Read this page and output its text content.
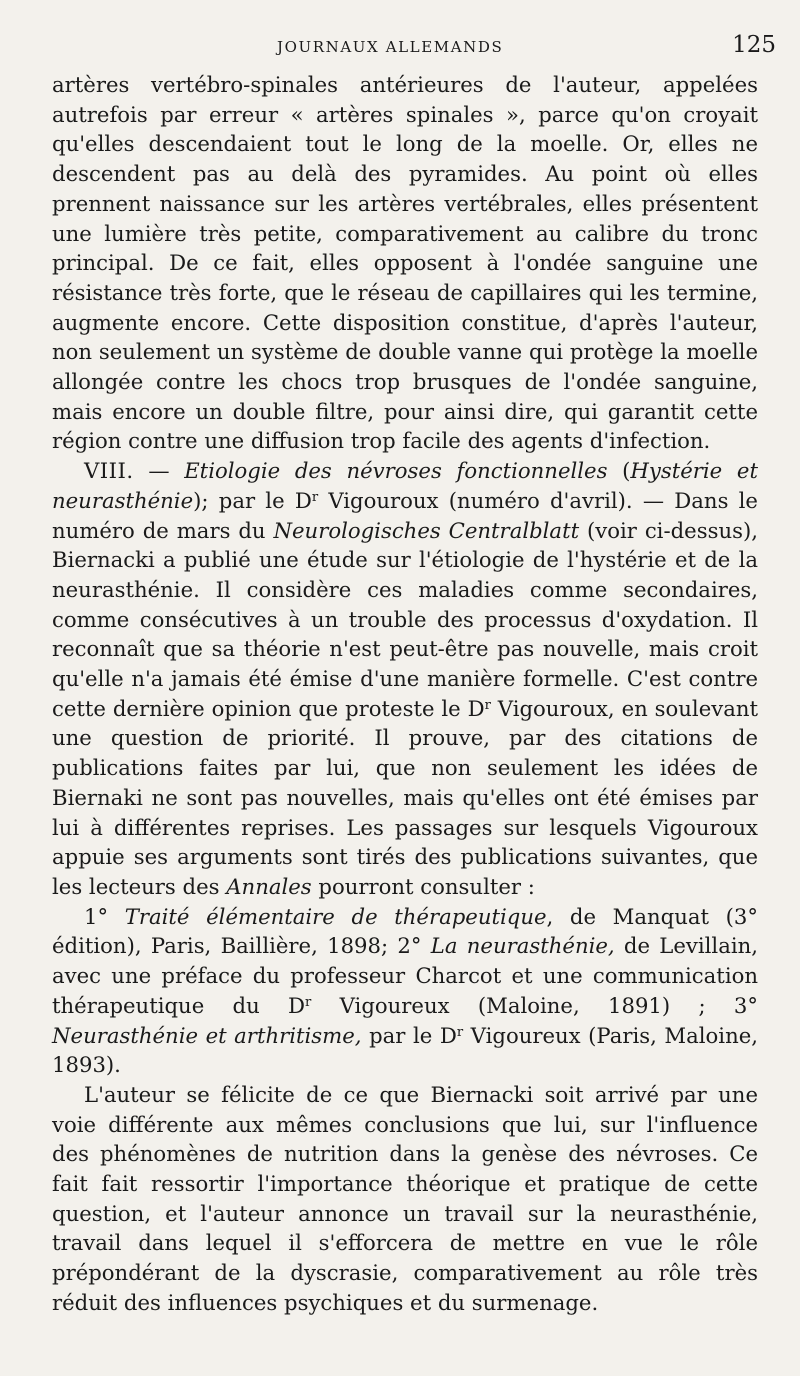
JOURNAUX ALLEMANDS	125

artères vertébro-spinales antérieures de l'auteur, appelées autrefois par erreur « artères spinales », parce qu'on croyait qu'elles descendaient tout le long de la moelle. Or, elles ne descendent pas au delà des pyramides. Au point où elles prennent naissance sur les artères vertébrales, elles présentent une lumière très petite, comparativement au calibre du tronc principal. De ce fait, elles opposent à l'ondée sanguine une résistance très forte, que le réseau de capillaires qui les termine, augmente encore. Cette disposition constitue, d'après l'auteur, non seulement un système de double vanne qui protège la moelle allongée contre les chocs trop brusques de l'ondée sanguine, mais encore un double filtre, pour ainsi dire, qui garantit cette région contre une diffusion trop facile des agents d'infection.

VIII. — Etiologie des névroses fonctionnelles (Hystérie et neurasthénie); par le $D^r$ Vigouroux (numéro d'avril). — Dans le numéro de mars du Neurologisches Centralblatt (voir ci-dessus), Biernacki a publié une étude sur l'étiologie de l'hystérie et de la neurasthénie. Il considère ces maladies comme secondaires, comme consécutives à un trouble des processus d'oxydation. Il reconnaît que sa théorie n'est peut-être pas nouvelle, mais croit qu'elle n'a jamais été émise d'une manière formelle. C'est contre cette dernière opinion que proteste le $D^r$ Vigouroux, en soulevant une question de priorité. Il prouve, par des citations de publications faites par lui, que non seulement les idées de Biernaki ne sont pas nouvelles, mais qu'elles ont été émises par lui à différentes reprises. Les passages sur lesquels Vigouroux appuie ses arguments sont tirés des publications suivantes, que les lecteurs des Annales pourront consulter :

1° Traité élémentaire de thérapeutique, de Manquat (3° édition), Paris, Baillière, 1898; 2° La neurasthénie, de Levillain, avec une préface du professeur Charcot et une communication thérapeutique du $D^r$ Vigoureux (Maloine, 1891) ; 3° Neurasthénie et arthritisme, par le $D^r$ Vigoureux (Paris, Maloine, 1893).

L'auteur se félicite de ce que Biernacki soit arrivé par une voie différente aux mêmes conclusions que lui, sur l'influence des phénomènes de nutrition dans la genèse des névroses. Ce fait fait ressortir l'importance théorique et pratique de cette question, et l'auteur annonce un travail sur la neurasthénie, travail dans lequel il s'efforcera de mettre en vue le rôle prépondérant de la dyscrasie, comparativement au rôle très réduit des influences psychiques et du surmenage.
